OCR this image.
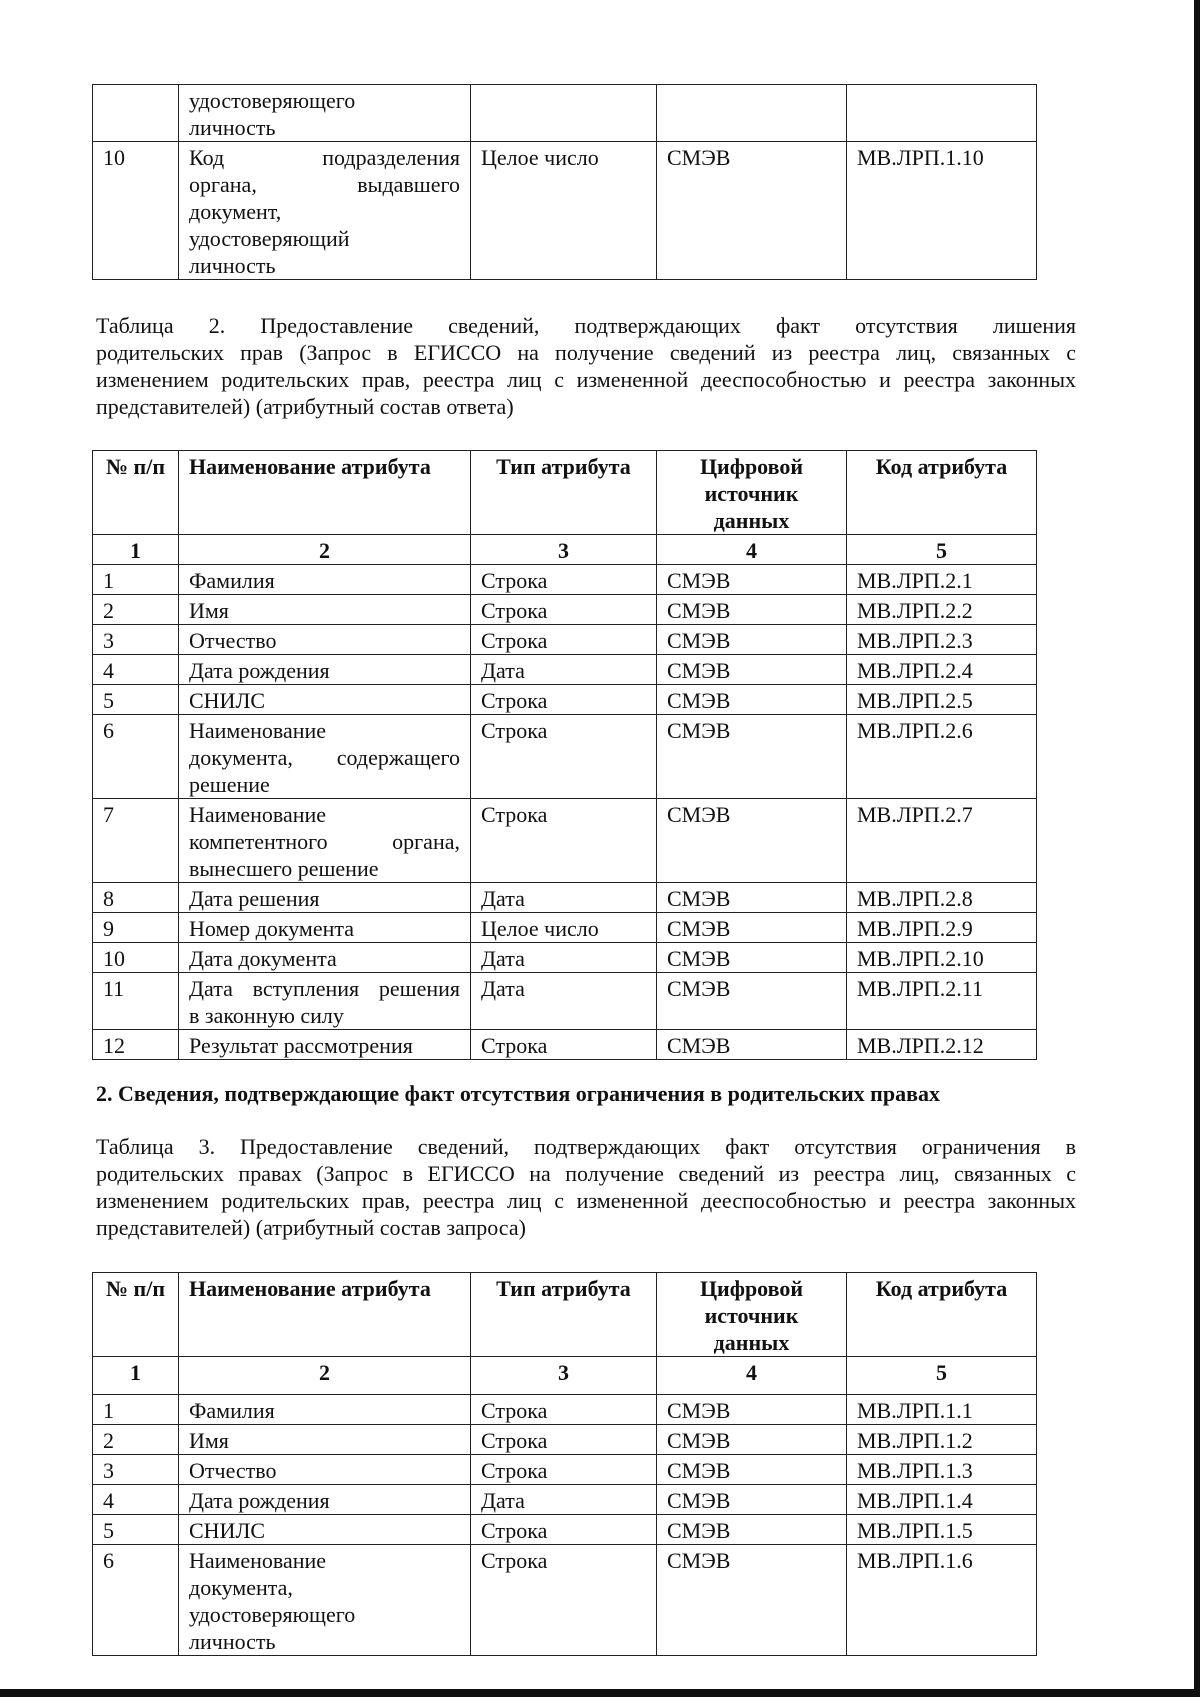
	удостоверяющего
личность			

10	Код подразделения
органа, выдавшего
документ,
удостоверяющий
личность	Целое число	СМЭВ	МВ.ЛРП.1.10
Таблица 2. Предоставление сведений, подтверждающих факт отсутствия лишения
родительских прав (Запрос в ЕГИССО на получение сведений из реестра лиц, связанных с
изменением родительских прав, реестра лиц с измененной дееспособностью и реестра законных
представителей) (атрибутный состав ответа)
№ п/п	Наименование атрибута	Тип атрибута	Цифровой источник данных	Код атрибута
1	2	3	4	5
1	Фамилия	Строка	СМЭВ	МВ.ЛРП.2.1
2	Имя	Строка	СМЭВ	МВ.ЛРП.2.2
3	Отчество	Строка	СМЭВ	МВ.ЛРП.2.3
4	Дата рождения	Дата	СМЭВ	МВ.ЛРП.2.4
5	СНИЛС	Строка	СМЭВ	МВ.ЛРП.2.5
6	Наименование
документа, содержащего
решение	Строка	СМЭВ	МВ.ЛРП.2.6
7	Наименование
компетентного органа,
вынесшего решение	Строка	СМЭВ	МВ.ЛРП.2.7
8	Дата решения	Дата	СМЭВ	МВ.ЛРП.2.8
9	Номер документа	Целое число	СМЭВ	МВ.ЛРП.2.9
10	Дата документа	Дата	СМЭВ	МВ.ЛРП.2.10
11	Дата вступления решения
в законную силу	Дата	СМЭВ	МВ.ЛРП.2.11
12	Результат рассмотрения	Строка	СМЭВ	МВ.ЛРП.2.12
2. Сведения, подтверждающие факт отсутствия ограничения в родительских правах
Таблица 3. Предоставление сведений, подтверждающих факт отсутствия ограничения в
родительских правах (Запрос в ЕГИССО на получение сведений из реестра лиц, связанных с
изменением родительских прав, реестра лиц с измененной дееспособностью и реестра законных
представителей) (атрибутный состав запроса)
№ п/п	Наименование атрибута	Тип атрибута	Цифровой источник данных	Код атрибута
1	2	3	4	5
1	Фамилия	Строка	СМЭВ	МВ.ЛРП.1.1
2	Имя	Строка	СМЭВ	МВ.ЛРП.1.2
3	Отчество	Строка	СМЭВ	МВ.ЛРП.1.3
4	Дата рождения	Дата	СМЭВ	МВ.ЛРП.1.4
5	СНИЛС	Строка	СМЭВ	МВ.ЛРП.1.5
6	Наименование
документа,
удостоверяющего
личность	Строка	СМЭВ	МВ.ЛРП.1.6
